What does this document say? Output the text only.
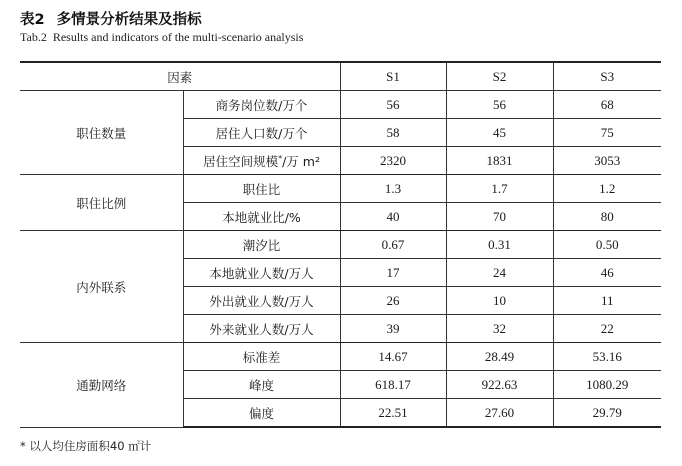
表2 多情景分析结果及指标
Tab.2 Results and indicators of the multi-scenario analysis
因素		S1	S2	S3
职住数量	商务岗位数/万个	56	56	68
	居住人口数/万个	58	45	75
	居住空间规模*/万 m²	2320	1831	3053
职住比例	职住比	1.3	1.7	1.2
	本地就业比/%	40	70	80
内外联系	潮汐比	0.67	0.31	0.50
	本地就业人数/万人	17	24	46
	外出就业人数/万人	26	10	11
	外来就业人数/万人	39	32	22
通勤网络	标准差	14.67	28.49	53.16
	峰度	618.17	922.63	1080.29
	偏度	22.51	27.60	29.79
* 以人均住房面积40 ㎡计
